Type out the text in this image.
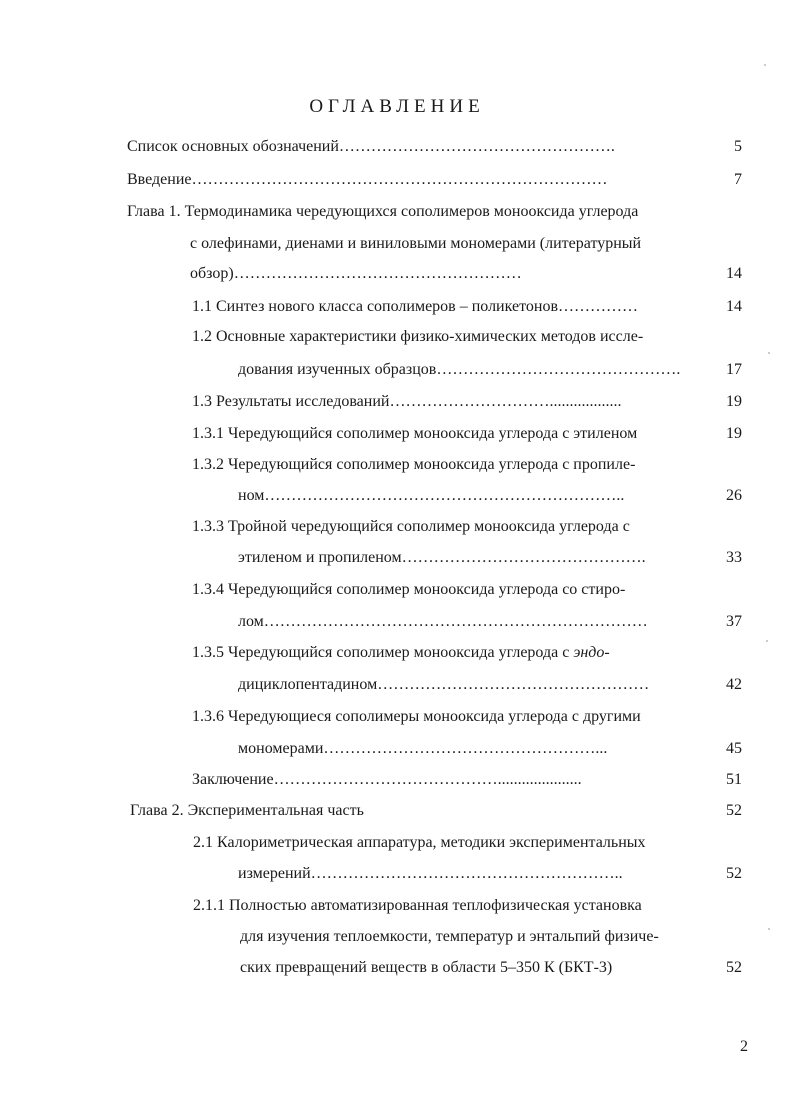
ОГЛАВЛЕНИЕ
Список основных обозначений…………………………………………….	5
Введение……………………………………………………………………	7
Глава 1. Термодинамика чередующихся сополимеров монооксида углерода
с олефинами, диенами и виниловыми мономерами (литературный
обзор)………………………………………………	14
1.1 Синтез нового класса сополимеров – поликетонов……………	14
1.2 Основные характеристики физико-химических методов иссле-
дования изученных образцов……………………………………….	17
1.3 Результаты исследований…………………………..................	19
1.3.1 Чередующийся сополимер монооксида углерода с этиленом	19
1.3.2 Чередующийся сополимер монооксида углерода с пропиле-
ном…………………………………………………………..	26
1.3.3 Тройной чередующийся сополимер монооксида углерода с
этиленом и пропиленом……………………………………….	33
1.3.4 Чередующийся сополимер монооксида углерода со стиро-
лом………………………………………………………………	37
1.3.5 Чередующийся сополимер монооксида углерода с эндо-
дициклопентадином……………………………………………	42
1.3.6 Чередующиеся сополимеры монооксида углерода с другими
мономерами……………………………………………...	45
Заключение…………………………………….....................	51
Глава 2. Экспериментальная часть	52
2.1 Калориметрическая аппаратура, методики экспериментальных
измерений…………………………………………………..	52
2.1.1 Полностью автоматизированная теплофизическая установка
для изучения теплоемкости, температур и энтальпий физиче-
ских превращений веществ в области 5–350 К (БКТ-3)	52
2
